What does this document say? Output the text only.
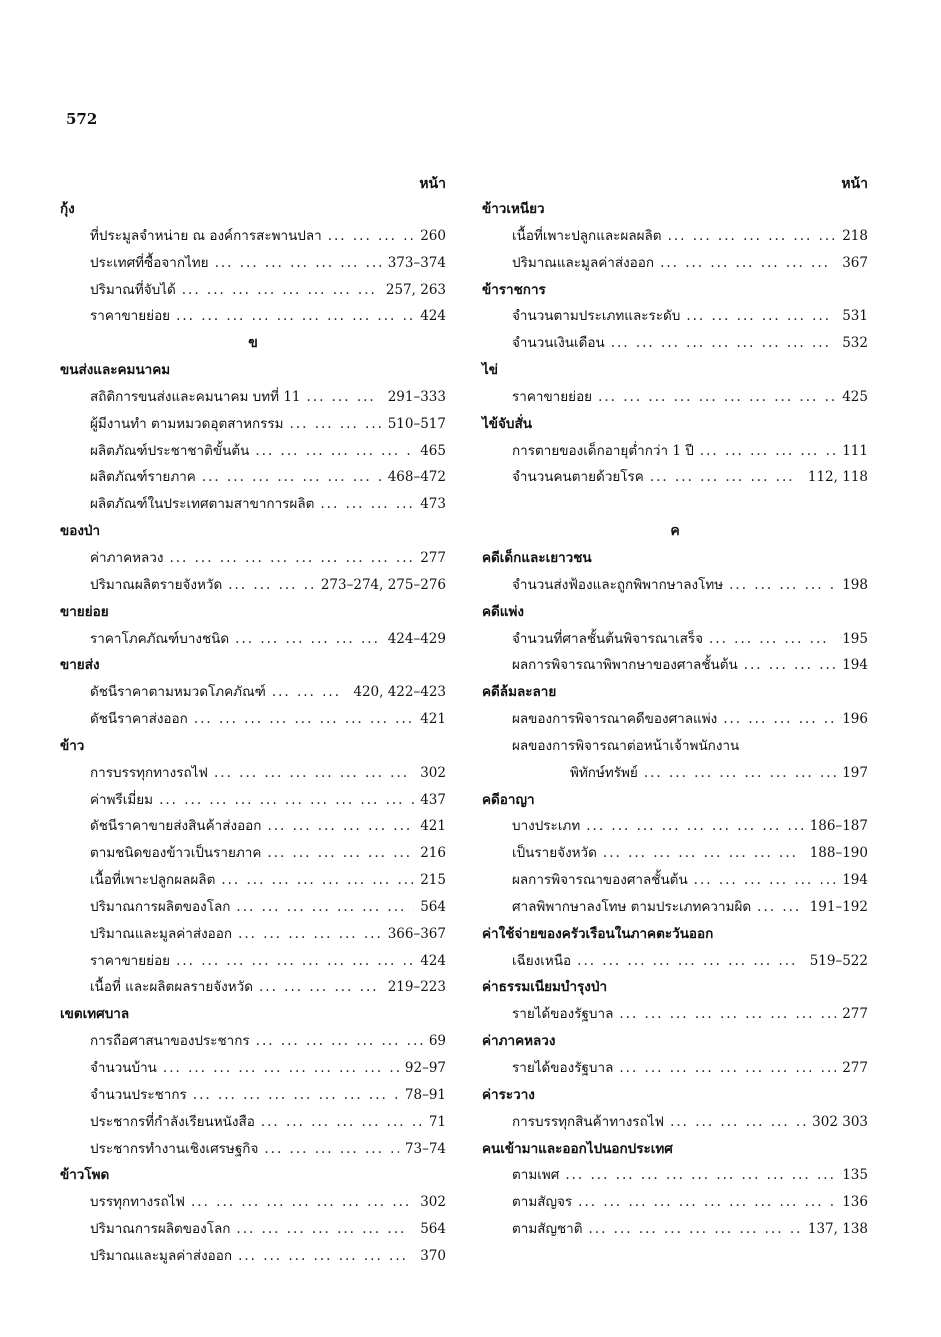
572
หน้า
กุ้ง
ที่ประมูลจำหน่าย ณ องค์การสะพานปลา ... .	260
ประเทศที่ซื้อจากไทย ... .	373–374
ปริมาณที่จับได้ ... .	257, 263
ราคาขายย่อย ... .	424
ข
ขนส่งและคมนาคม
สถิติการขนส่งและคมนาคม บทที่ 11 ... .	291–333
ผู้มีงานทำ ตามหมวดอุตสาหกรรม ... .	510–517
ผลิตภัณฑ์ประชาชาติขั้นต้น ... .	465
ผลิตภัณฑ์รายภาค ... .	468–472
ผลิตภัณฑ์ในประเทศตามสาขาการผลิต ... .	473
ของป่า
ค่าภาคหลวง ... .	277
ปริมาณผลิตรายจังหวัด ... .	273–274, 275–276
ขายย่อย
ราคาโภคภัณฑ์บางชนิด ... .	424–429
ขายส่ง
ดัชนีราคาตามหมวดโภคภัณฑ์ ... .	420, 422–423
ดัชนีราคาส่งออก ... .	421
ข้าว
การบรรทุกทางรถไฟ ... .	302
ค่าพรีเมี่ยม ... .	437
ดัชนีราคาขายส่งสินค้าส่งออก ... .	421
ตามชนิดของข้าวเป็นรายภาค ... .	216
เนื้อที่เพาะปลูกผลผลิต ... .	215
ปริมาณการผลิตของโลก ... .	564
ปริมาณและมูลค่าส่งออก ... .	366–367
ราคาขายย่อย ... .	424
เนื้อที่ และผลิตผลรายจังหวัด ... .	219–223
เขตเทศบาล
การถือศาสนาของประชากร ... .	69
จำนวนบ้าน ... .	92–97
จำนวนประชากร ... .	78–91
ประชากรที่กำลังเรียนหนังสือ ... .	71
ประชากรทำงานเชิงเศรษฐกิจ ... .	73–74
ข้าวโพด
บรรทุกทางรถไฟ ... .	302
ปริมาณการผลิตของโลก ... .	564
ปริมาณและมูลค่าส่งออก ... .	370
หน้า
ข้าวเหนียว
เนื้อที่เพาะปลูกและผลผลิต ... .	218
ปริมาณและมูลค่าส่งออก ... .	367
ข้าราชการ
จำนวนตามประเภทและระดับ ... .	531
จำนวนเงินเดือน ... .	532
ไข่
ราคาขายย่อย ... .	425
ไข้จับสั่น
การตายของเด็กอายุต่ำกว่า 1 ปี ... .	111
จำนวนคนตายด้วยโรค ... .	112, 118
ค
คดีเด็กและเยาวชน
จำนวนส่งฟ้องและถูกพิพากษาลงโทษ ... .	198
คดีแพ่ง
จำนวนที่ศาลชั้นต้นพิจารณาเสร็จ ... .	195
ผลการพิจารณาพิพากษาของศาลชั้นต้น ... .	194
คดีล้มละลาย
ผลของการพิจารณาคดีของศาลแพ่ง ... .	196
ผลของการพิจารณาต่อหน้าเจ้าพนักงาน
พิทักษ์ทรัพย์ ... .	197
คดีอาญา
บางประเภท ... .	186–187
เป็นรายจังหวัด ... .	188–190
ผลการพิจารณาของศาลชั้นต้น ... .	194
ศาลพิพากษาลงโทษ ตามประเภทความผิด ... .	191–192
ค่าใช้จ่ายของครัวเรือนในภาคตะวันออก
เฉียงเหนือ ... .	519–522
ค่าธรรมเนียมบำรุงป่า
รายได้ของรัฐบาล ... .	277
ค่าภาคหลวง
รายได้ของรัฐบาล ... .	277
ค่าระวาง
การบรรทุกสินค้าทางรถไฟ ... .	302 303
คนเข้ามาและออกไปนอกประเทศ
ตามเพศ ... .	135
ตามสัญจร ... .	136
ตามสัญชาติ ... .	137, 138
